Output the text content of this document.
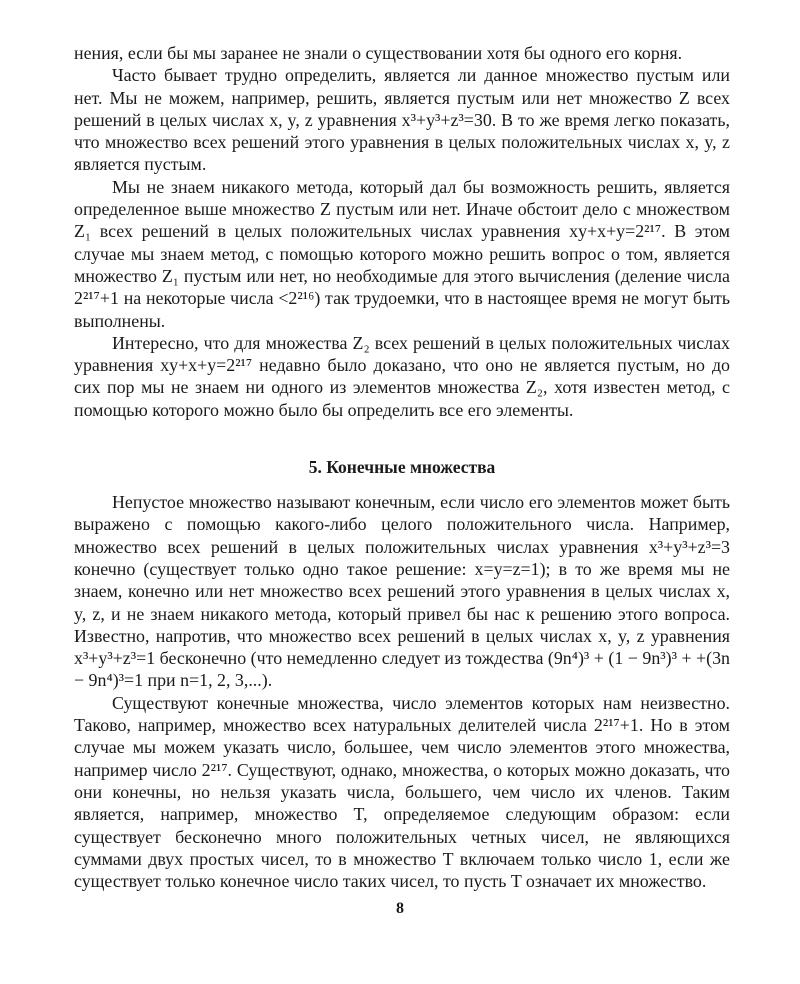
нения, если бы мы заранее не знали о существовании хотя бы одного его корня.

Часто бывает трудно определить, является ли данное множество пустым или нет. Мы не можем, например, решить, является пустым или нет множество Z всех решений в целых числах x, y, z уравнения x³+y³+z³=30. В то же время легко показать, что множество всех решений этого уравнения в целых положительных числах x, y, z является пустым.

Мы не знаем никакого метода, который дал бы возможность решить, является определенное выше множество Z пустым или нет. Иначе обстоит дело с множеством Z₁ всех решений в целых положительных числах уравнения xy+x+y=2²¹⁷. В этом случае мы знаем метод, с помощью которого можно решить вопрос о том, является множество Z₁ пустым или нет, но необходимые для этого вычисления (деление числа 2²¹⁷+1 на некоторые числа <2²¹⁶) так трудоемки, что в настоящее время не могут быть выполнены.

Интересно, что для множества Z₂ всех решений в целых положительных числах уравнения xy+x+y=2²¹⁷ недавно было доказано, что оно не является пустым, но до сих пор мы не знаем ни одного из элементов множества Z₂, хотя известен метод, с помощью которого можно было бы определить все его элементы.

5. Конечные множества

Непустое множество называют конечным, если число его элементов может быть выражено с помощью какого-либо целого положительного числа. Например, множество всех решений в целых положительных числах уравнения x³+y³+z³=3 конечно (существует только одно такое решение: x=y=z=1); в то же время мы не знаем, конечно или нет множество всех решений этого уравнения в целых числах x, y, z, и не знаем никакого метода, который привел бы нас к решению этого вопроса. Известно, напротив, что множество всех решений в целых числах x, y, z уравнения x³+y³+z³=1 бесконечно (что немедленно следует из тождества (9n⁴)³ + (1 − 9n³)³ + +(3n − 9n⁴)³=1 при n=1, 2, 3,...).

Существуют конечные множества, число элементов которых нам неизвестно. Таково, например, множество всех натуральных делителей числа 2²¹⁷+1. Но в этом случае мы можем указать число, большее, чем число элементов этого множества, например число 2²¹⁷. Существуют, однако, множества, о которых можно доказать, что они конечны, но нельзя указать числа, большего, чем число их членов. Таким является, например, множество T, определяемое следующим образом: если существует бесконечно много положительных четных чисел, не являющихся суммами двух простых чисел, то в множество T включаем только число 1, если же существует только конечное число таких чисел, то пусть T означает их множество.

8
